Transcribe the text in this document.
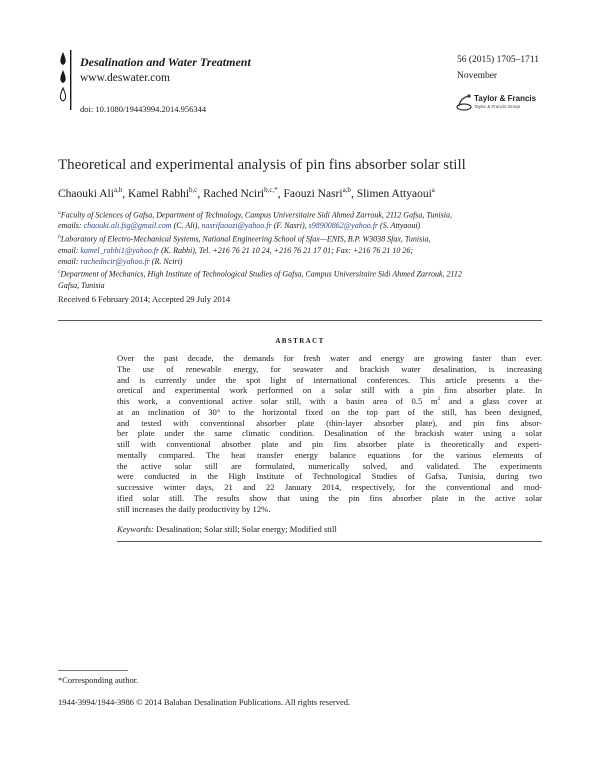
Desalination and Water Treatment
www.deswater.com
doi: 10.1080/19443994.2014.956344
56 (2015) 1705–1711
November
Taylor & Francis
Taylor & Francis Group
Theoretical and experimental analysis of pin fins absorber solar still
Chaouki Ali$^{a,b}$, Kamel Rabhi$^{b,c}$, Rached Nciri$^{b,c,*}$, Faouzi Nasri$^{a,b}$, Slimen Attyaoui$^a$
$^a$Faculty of Sciences of Gafsa, Department of Technology, Campus Universitaire Sidi Ahmed Zarrouk, 2112 Gafsa, Tunisia,
emails: chaouki.ali.fsg@gmail.com (C. Ali), nasrifaouzi@yahoo.fr (F. Nasri), s98900862@yahoo.fr (S. Attyaoui)
$^b$Laboratory of Electro-Mechanical Systems, National Engineering School of Sfax—ENIS, B.P. W3038 Sfax, Tunisia,
email: kamel_rabhi1@yahoo.fr (K. Rabhi), Tel. +216 76 21 10 24, +216 76 21 17 01; Fax: +216 76 21 10 26;
email: rachedncir@yahoo.fr (R. Nciri)
$^c$Department of Mechanics, High Institute of Technological Studies of Gafsa, Campus Universitaire Sidi Ahmed Zarrouk, 2112
Gafsa, Tunisia
Received 6 February 2014; Accepted 29 July 2014
ABSTRACT
Over the past decade, the demands for fresh water and energy are growing faster than ever.
The use of renewable energy, for seawater and brackish water desalination, is increasing
and is currently under the spot light of international conferences. This article presents a the-
oretical and experimental work performed on a solar still with a pin fins absorber plate. In
this work, a conventional active solar still, with a basin area of 0.5 $m^2$ and a glass cover at
at an inclination of 30° to the horizontal fixed on the top part of the still, has been designed,
and tested with conventional absorber plate (thin-layer absorber plate), and pin fins absor-
ber plate under the same climatic condition. Desalination of the brackish water using a solar
still with conventional absorber plate and pin fins absorber plate is theoretically and experi-
mentally compared. The heat transfer energy balance equations for the various elements of
the active solar still are formulated, numerically solved, and validated. The experiments
were conducted in the High Institute of Technological Studies of Gafsa, Tunisia, during two
successive winter days, 21 and 22 January 2014, respectively, for the conventional and mod-
ified solar still. The results show that using the pin fins absorber plate in the active solar
still increases the daily productivity by 12%.
Keywords: Desalination; Solar still; Solar energy; Modified still
*Corresponding author.
1944-3994/1944-3986 © 2014 Balaban Desalination Publications. All rights reserved.
